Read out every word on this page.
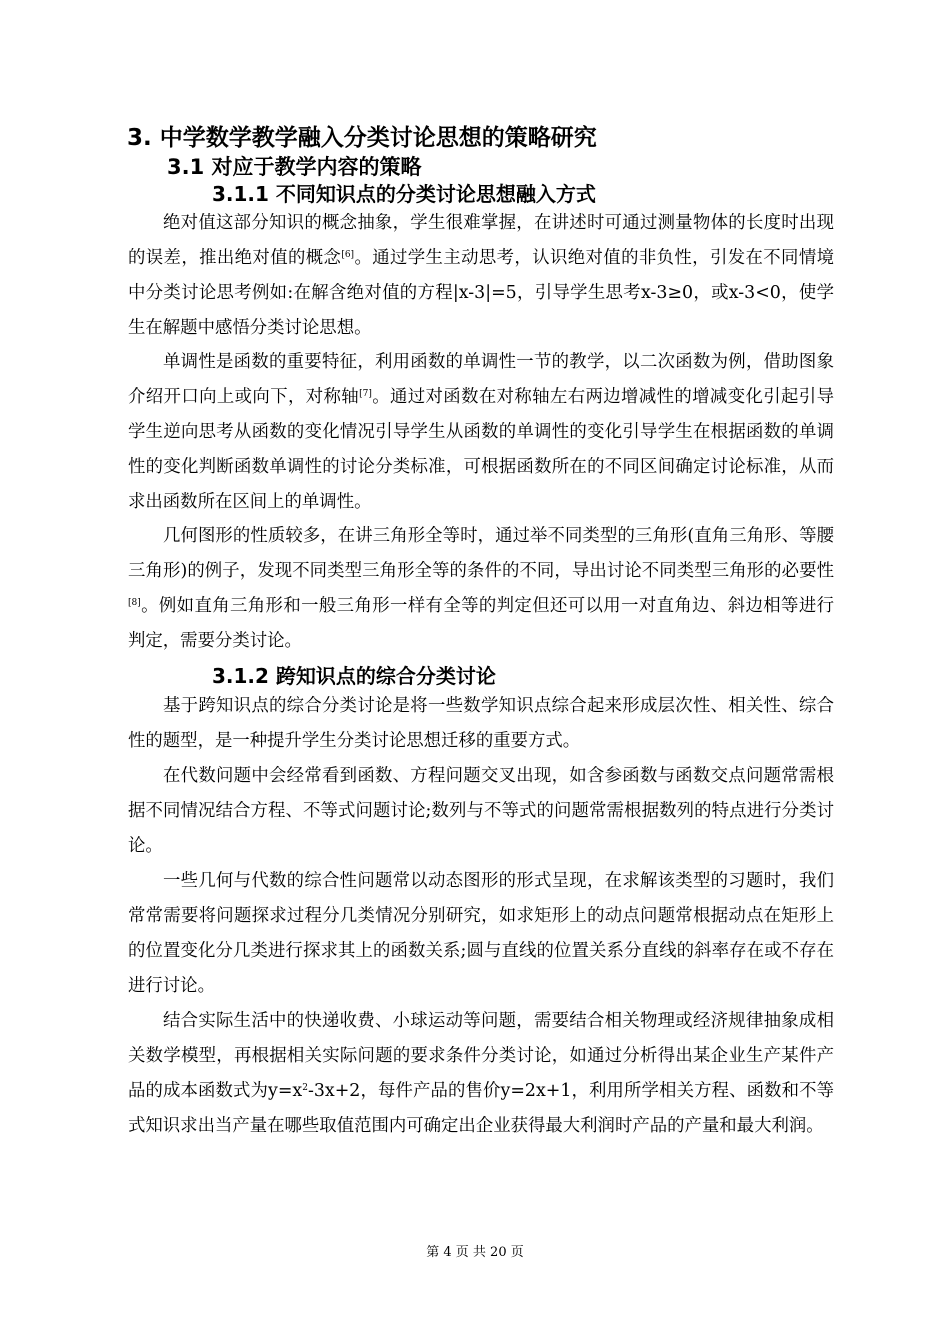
3. 中学数学教学融入分类讨论思想的策略研究
3.1 对应于教学内容的策略
3.1.1 不同知识点的分类讨论思想融入方式

绝对值这部分知识的概念抽象，学生很难掌握，在讲述时可通过测量物体的长度时出现的误差，推出绝对值的概念[6]。通过学生主动思考，认识绝对值的非负性，引发在不同情境中分类讨论思考例如:在解含绝对值的方程|x-3|=5，引导学生思考x-3≥0，或x-3<0，使学生在解题中感悟分类讨论思想。

单调性是函数的重要特征，利用函数的单调性一节的教学，以二次函数为例，借助图象介绍开口向上或向下，对称轴[7]。通过对函数在对称轴左右两边增减性的增减变化引起引导学生逆向思考从函数的变化情况引导学生从函数的单调性的变化引导学生在根据函数的单调性的变化判断函数单调性的讨论分类标准，可根据函数所在的不同区间确定讨论标准，从而求出函数所在区间上的单调性。

几何图形的性质较多，在讲三角形全等时，通过举不同类型的三角形(直角三角形、等腰三角形)的例子，发现不同类型三角形全等的条件的不同，导出讨论不同类型三角形的必要性[8]。例如直角三角形和一般三角形一样有全等的判定但还可以用一对直角边、斜边相等进行判定，需要分类讨论。

3.1.2 跨知识点的综合分类讨论

基于跨知识点的综合分类讨论是将一些数学知识点综合起来形成层次性、相关性、综合性的题型，是一种提升学生分类讨论思想迁移的重要方式。

在代数问题中会经常看到函数、方程问题交叉出现，如含参函数与函数交点问题常需根据不同情况结合方程、不等式问题讨论;数列与不等式的问题常需根据数列的特点进行分类讨论。

一些几何与代数的综合性问题常以动态图形的形式呈现，在求解该类型的习题时，我们常常需要将问题探求过程分几类情况分别研究，如求矩形上的动点问题常根据动点在矩形上的位置变化分几类进行探求其上的函数关系;圆与直线的位置关系分直线的斜率存在或不存在进行讨论。

结合实际生活中的快递收费、小球运动等问题，需要结合相关物理或经济规律抽象成相关数学模型，再根据相关实际问题的要求条件分类讨论，如通过分析得出某企业生产某件产品的成本函数式为$y=x^2-3x+2$，每件产品的售价y=2x+1，利用所学相关方程、函数和不等式知识求出当产量在哪些取值范围内可确定出企业获得最大利润时产品的产量和最大利润。

第 4 页 共 20 页
